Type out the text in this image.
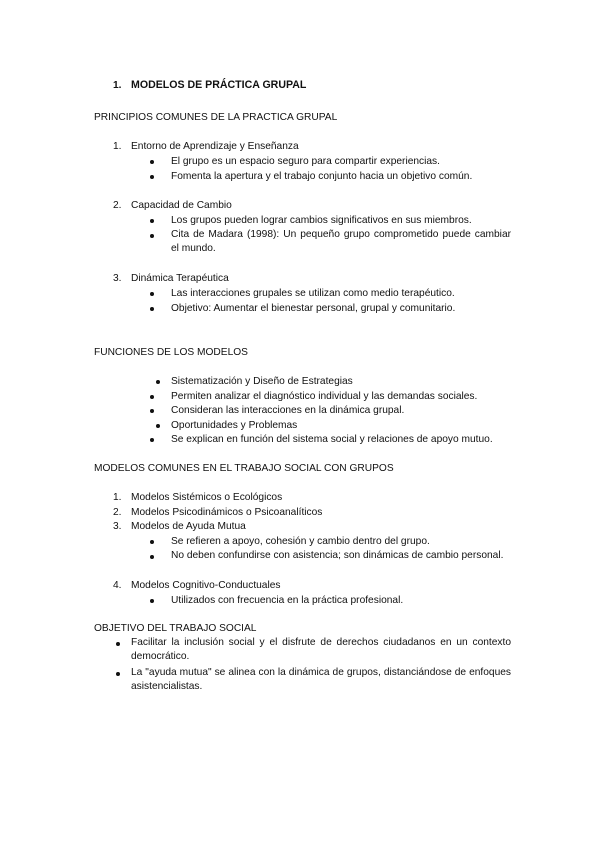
1. MODELOS DE PRÁCTICA GRUPAL
PRINCIPIOS COMUNES DE LA PRACTICA GRUPAL
1. Entorno de Aprendizaje y Enseñanza
El grupo es un espacio seguro para compartir experiencias.
Fomenta la apertura y el trabajo conjunto hacia un objetivo común.
2. Capacidad de Cambio
Los grupos pueden lograr cambios significativos en sus miembros.
Cita de Madara (1998): Un pequeño grupo comprometido puede cambiar el mundo.
3. Dinámica Terapéutica
Las interacciones grupales se utilizan como medio terapéutico.
Objetivo: Aumentar el bienestar personal, grupal y comunitario.
FUNCIONES DE LOS MODELOS
Sistematización y Diseño de Estrategias
Permiten analizar el diagnóstico individual y las demandas sociales.
Consideran las interacciones en la dinámica grupal.
Oportunidades y Problemas
Se explican en función del sistema social y relaciones de apoyo mutuo.
MODELOS COMUNES EN EL TRABAJO SOCIAL CON GRUPOS
1. Modelos Sistémicos o Ecológicos
2. Modelos Psicodinámicos o Psicoanalíticos
3. Modelos de Ayuda Mutua
Se refieren a apoyo, cohesión y cambio dentro del grupo.
No deben confundirse con asistencia; son dinámicas de cambio personal.
4. Modelos Cognitivo-Conductuales
Utilizados con frecuencia en la práctica profesional.
OBJETIVO DEL TRABAJO SOCIAL
Facilitar la inclusión social y el disfrute de derechos ciudadanos en un contexto democrático.
La "ayuda mutua" se alinea con la dinámica de grupos, distanciándose de enfoques asistencialistas.
